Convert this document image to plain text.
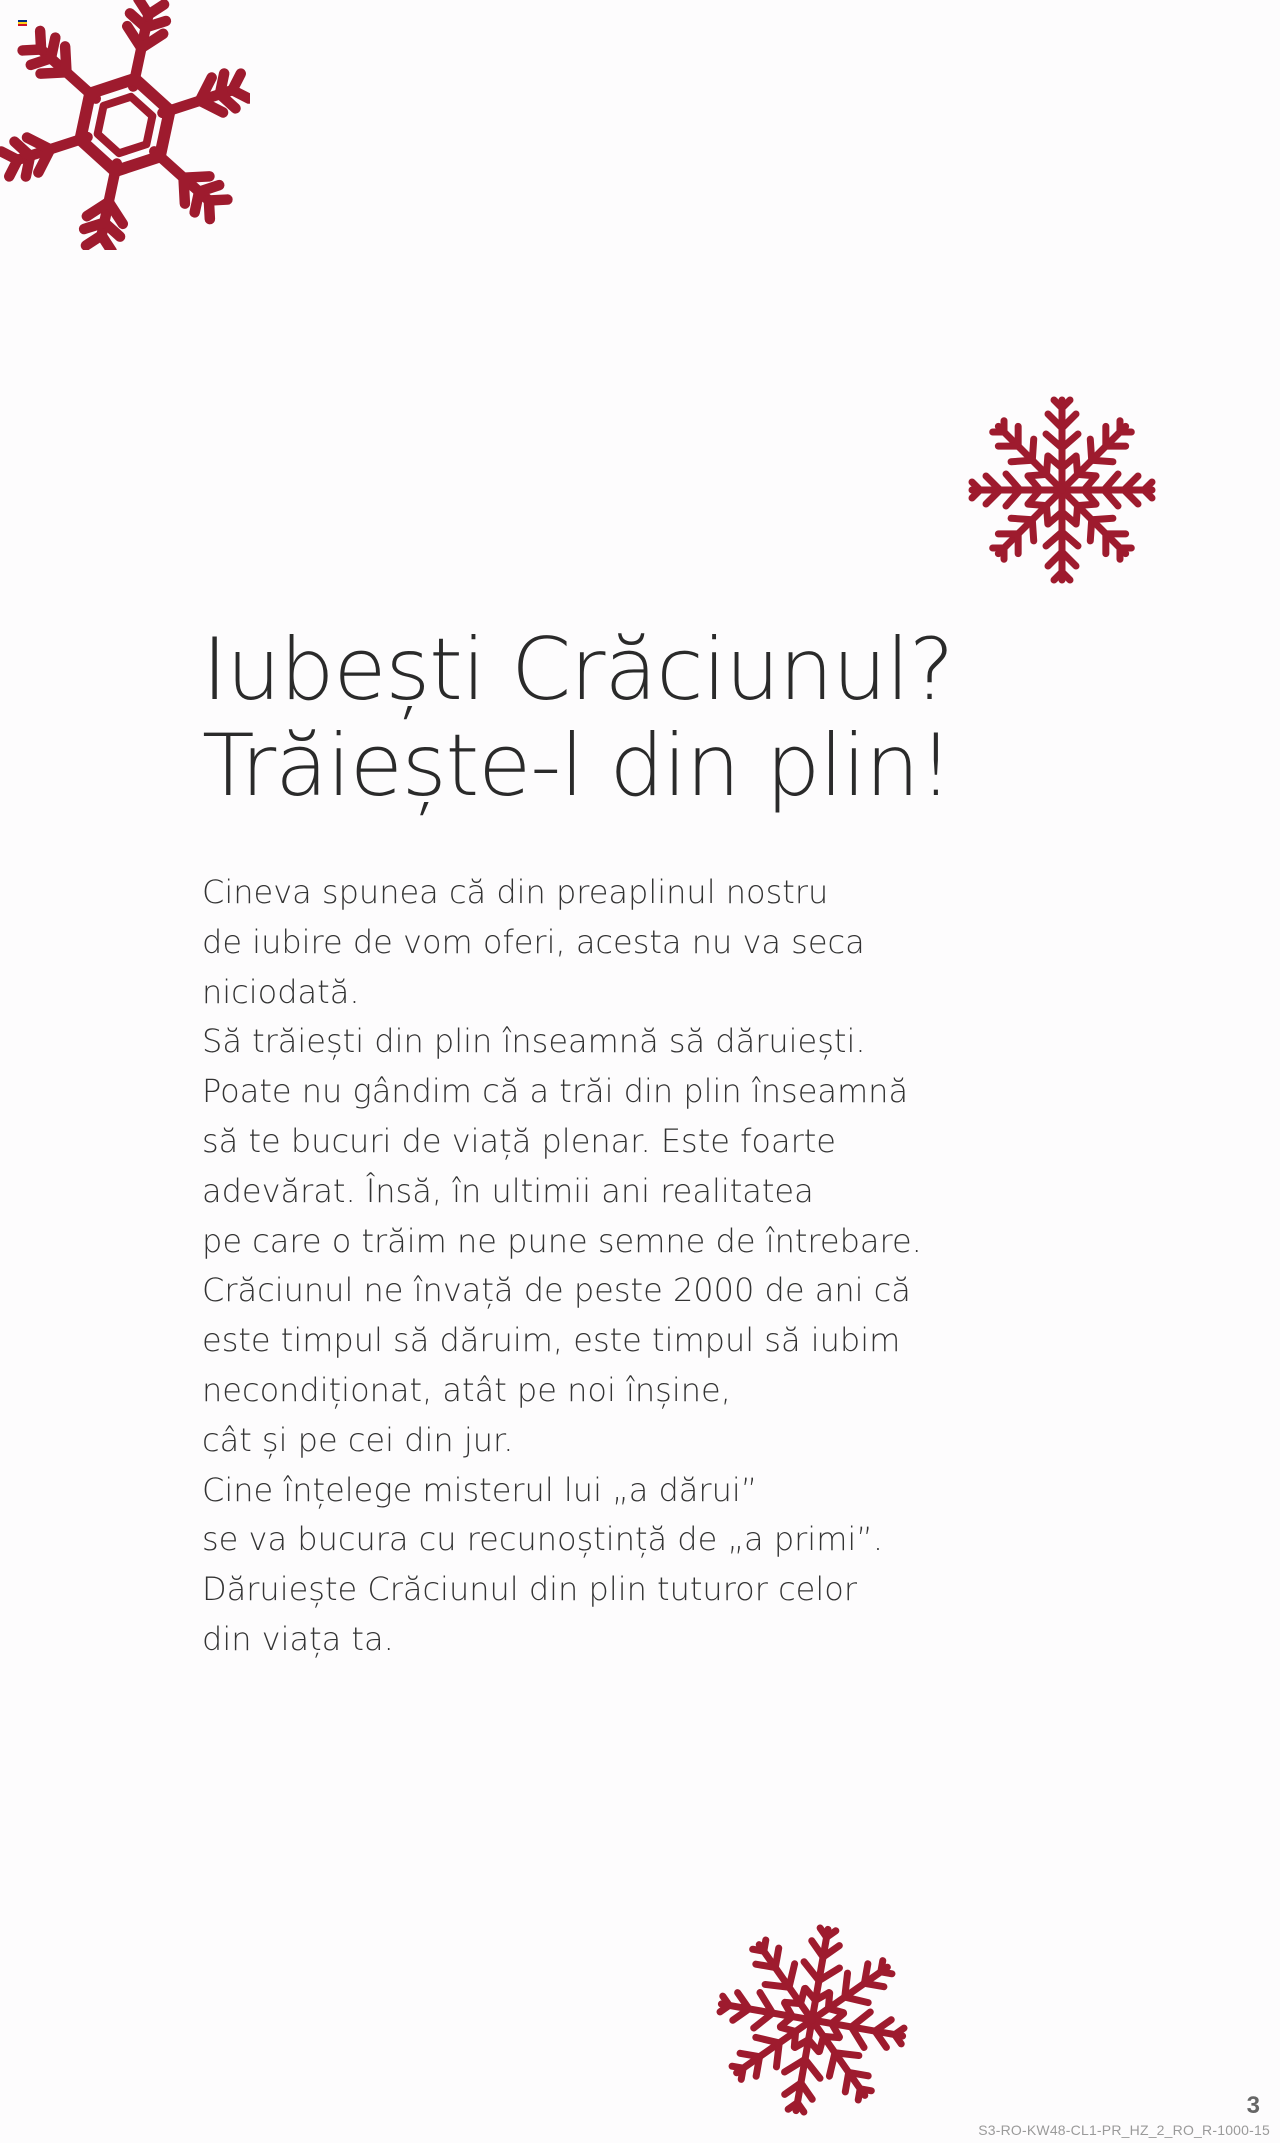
Iubești Crăciunul?
Trăiește-l din plin!
Cineva spunea că din preaplinul nostru
de iubire de vom oferi, acesta nu va seca
niciodată.
Să trăiești din plin înseamnă să dăruiești.
Poate nu gândim că a trăi din plin înseamnă
să te bucuri de viață plenar. Este foarte
adevărat. Însă, în ultimii ani realitatea
pe care o trăim ne pune semne de întrebare.
Crăciunul ne învață de peste 2000 de ani că
este timpul să dăruim, este timpul să iubim
necondiționat, atât pe noi înșine,
cât și pe cei din jur.
Cine înțelege misterul lui „a dărui”
se va bucura cu recunoștință de „a primi”.
Dăruiește Crăciunul din plin tuturor celor
din viața ta.
3
S3-RO-KW48-CL1-PR_HZ_2_RO_R-1000-15
